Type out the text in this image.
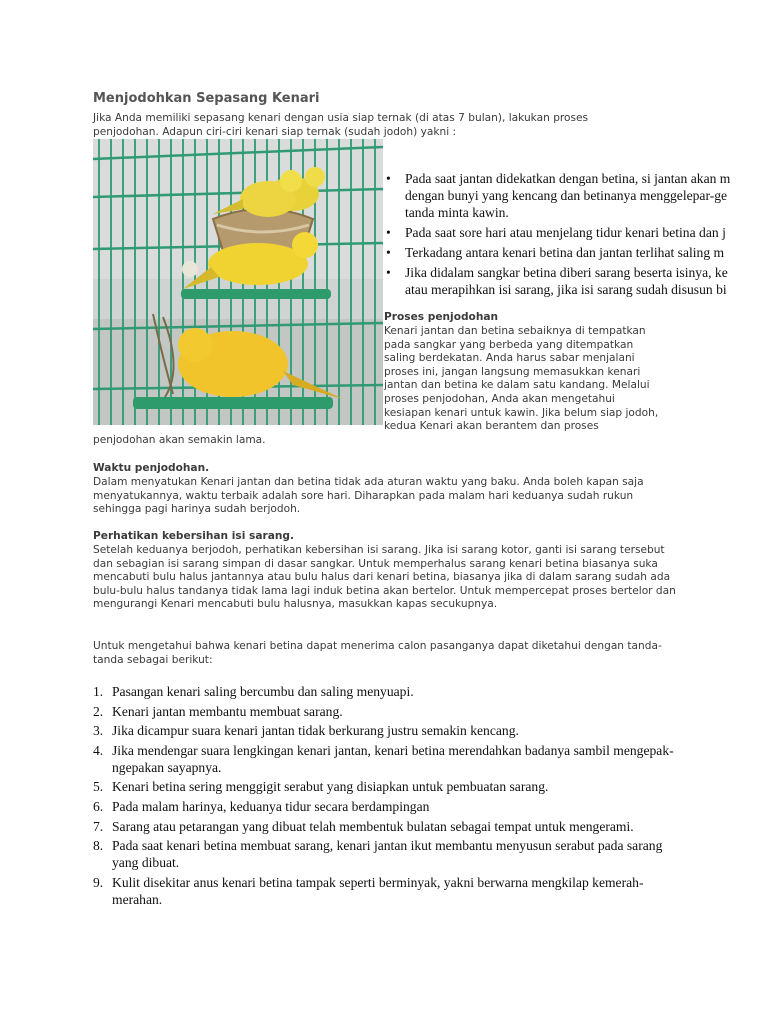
Menjodohkan Sepasang Kenari

Jika Anda memiliki sepasang kenari dengan usia siap ternak (di atas 7 bulan), lakukan proses penjodohan. Adapun ciri-ciri kenari siap ternak (sudah jodoh) yakni :

• Pada saat jantan didekatkan dengan betina, si jantan akan m
dengan bunyi yang kencang dan betinanya menggelepar-ge
tanda minta kawin.
• Pada saat sore hari atau menjelang tidur kenari betina dan j
• Terkadang antara kenari betina dan jantan terlihat saling m
• Jika didalam sangkar betina diberi sarang beserta isinya, ke
atau merapihkan isi sarang, jika isi sarang sudah disusun bi

Proses penjodohan

Kenari jantan dan betina sebaiknya di tempatkan
pada sangkar yang berbeda yang ditempatkan
saling berdekatan. Anda harus sabar menjalani
proses ini, jangan langsung memasukkan kenari
jantan dan betina ke dalam satu kandang. Melalui
proses penjodohan, Anda akan mengetahui
kesiapan kenari untuk kawin. Jika belum siap jodoh,
kedua Kenari akan berantem dan proses

penjodohan akan semakin lama.

Waktu penjodohan.

Dalam menyatukan Kenari jantan dan betina tidak ada aturan waktu yang baku. Anda boleh kapan saja menyatukannya, waktu terbaik adalah sore hari. Diharapkan pada malam hari keduanya sudah rukun sehingga pagi harinya sudah berjodoh.

Perhatikan kebersihan isi sarang.

Setelah keduanya berjodoh, perhatikan kebersihan isi sarang. Jika isi sarang kotor, ganti isi sarang tersebut dan sebagian isi sarang simpan di dasar sangkar. Untuk memperhalus sarang kenari betina biasanya suka mencabuti bulu halus jantannya atau bulu halus dari kenari betina, biasanya jika di dalam sarang sudah ada bulu-bulu halus tandanya tidak lama lagi induk betina akan bertelor. Untuk mempercepat proses bertelor dan mengurangi Kenari mencabuti bulu halusnya, masukkan kapas secukupnya.

Untuk mengetahui bahwa kenari betina dapat menerima calon pasanganya dapat diketahui dengan tanda-tanda sebagai berikut:

1. Pasangan kenari saling bercumbu dan saling menyuapi.
2. Kenari jantan membantu membuat sarang.
3. Jika dicampur suara kenari jantan tidak berkurang justru semakin kencang.
4. Jika mendengar suara lengkingan kenari jantan, kenari betina merendahkan badanya sambil mengepak-ngepakan sayapnya.
5. Kenari betina sering menggigit serabut yang disiapkan untuk pembuatan sarang.
6. Pada malam harinya, keduanya tidur secara berdampingan
7. Sarang atau petarangan yang dibuat telah membentuk bulatan sebagai tempat untuk mengerami.
8. Pada saat kenari betina membuat sarang, kenari jantan ikut membantu menyusun serabut pada sarang yang dibuat.
9. Kulit disekitar anus kenari betina tampak seperti berminyak, yakni berwarna mengkilap kemerah-merahan.
